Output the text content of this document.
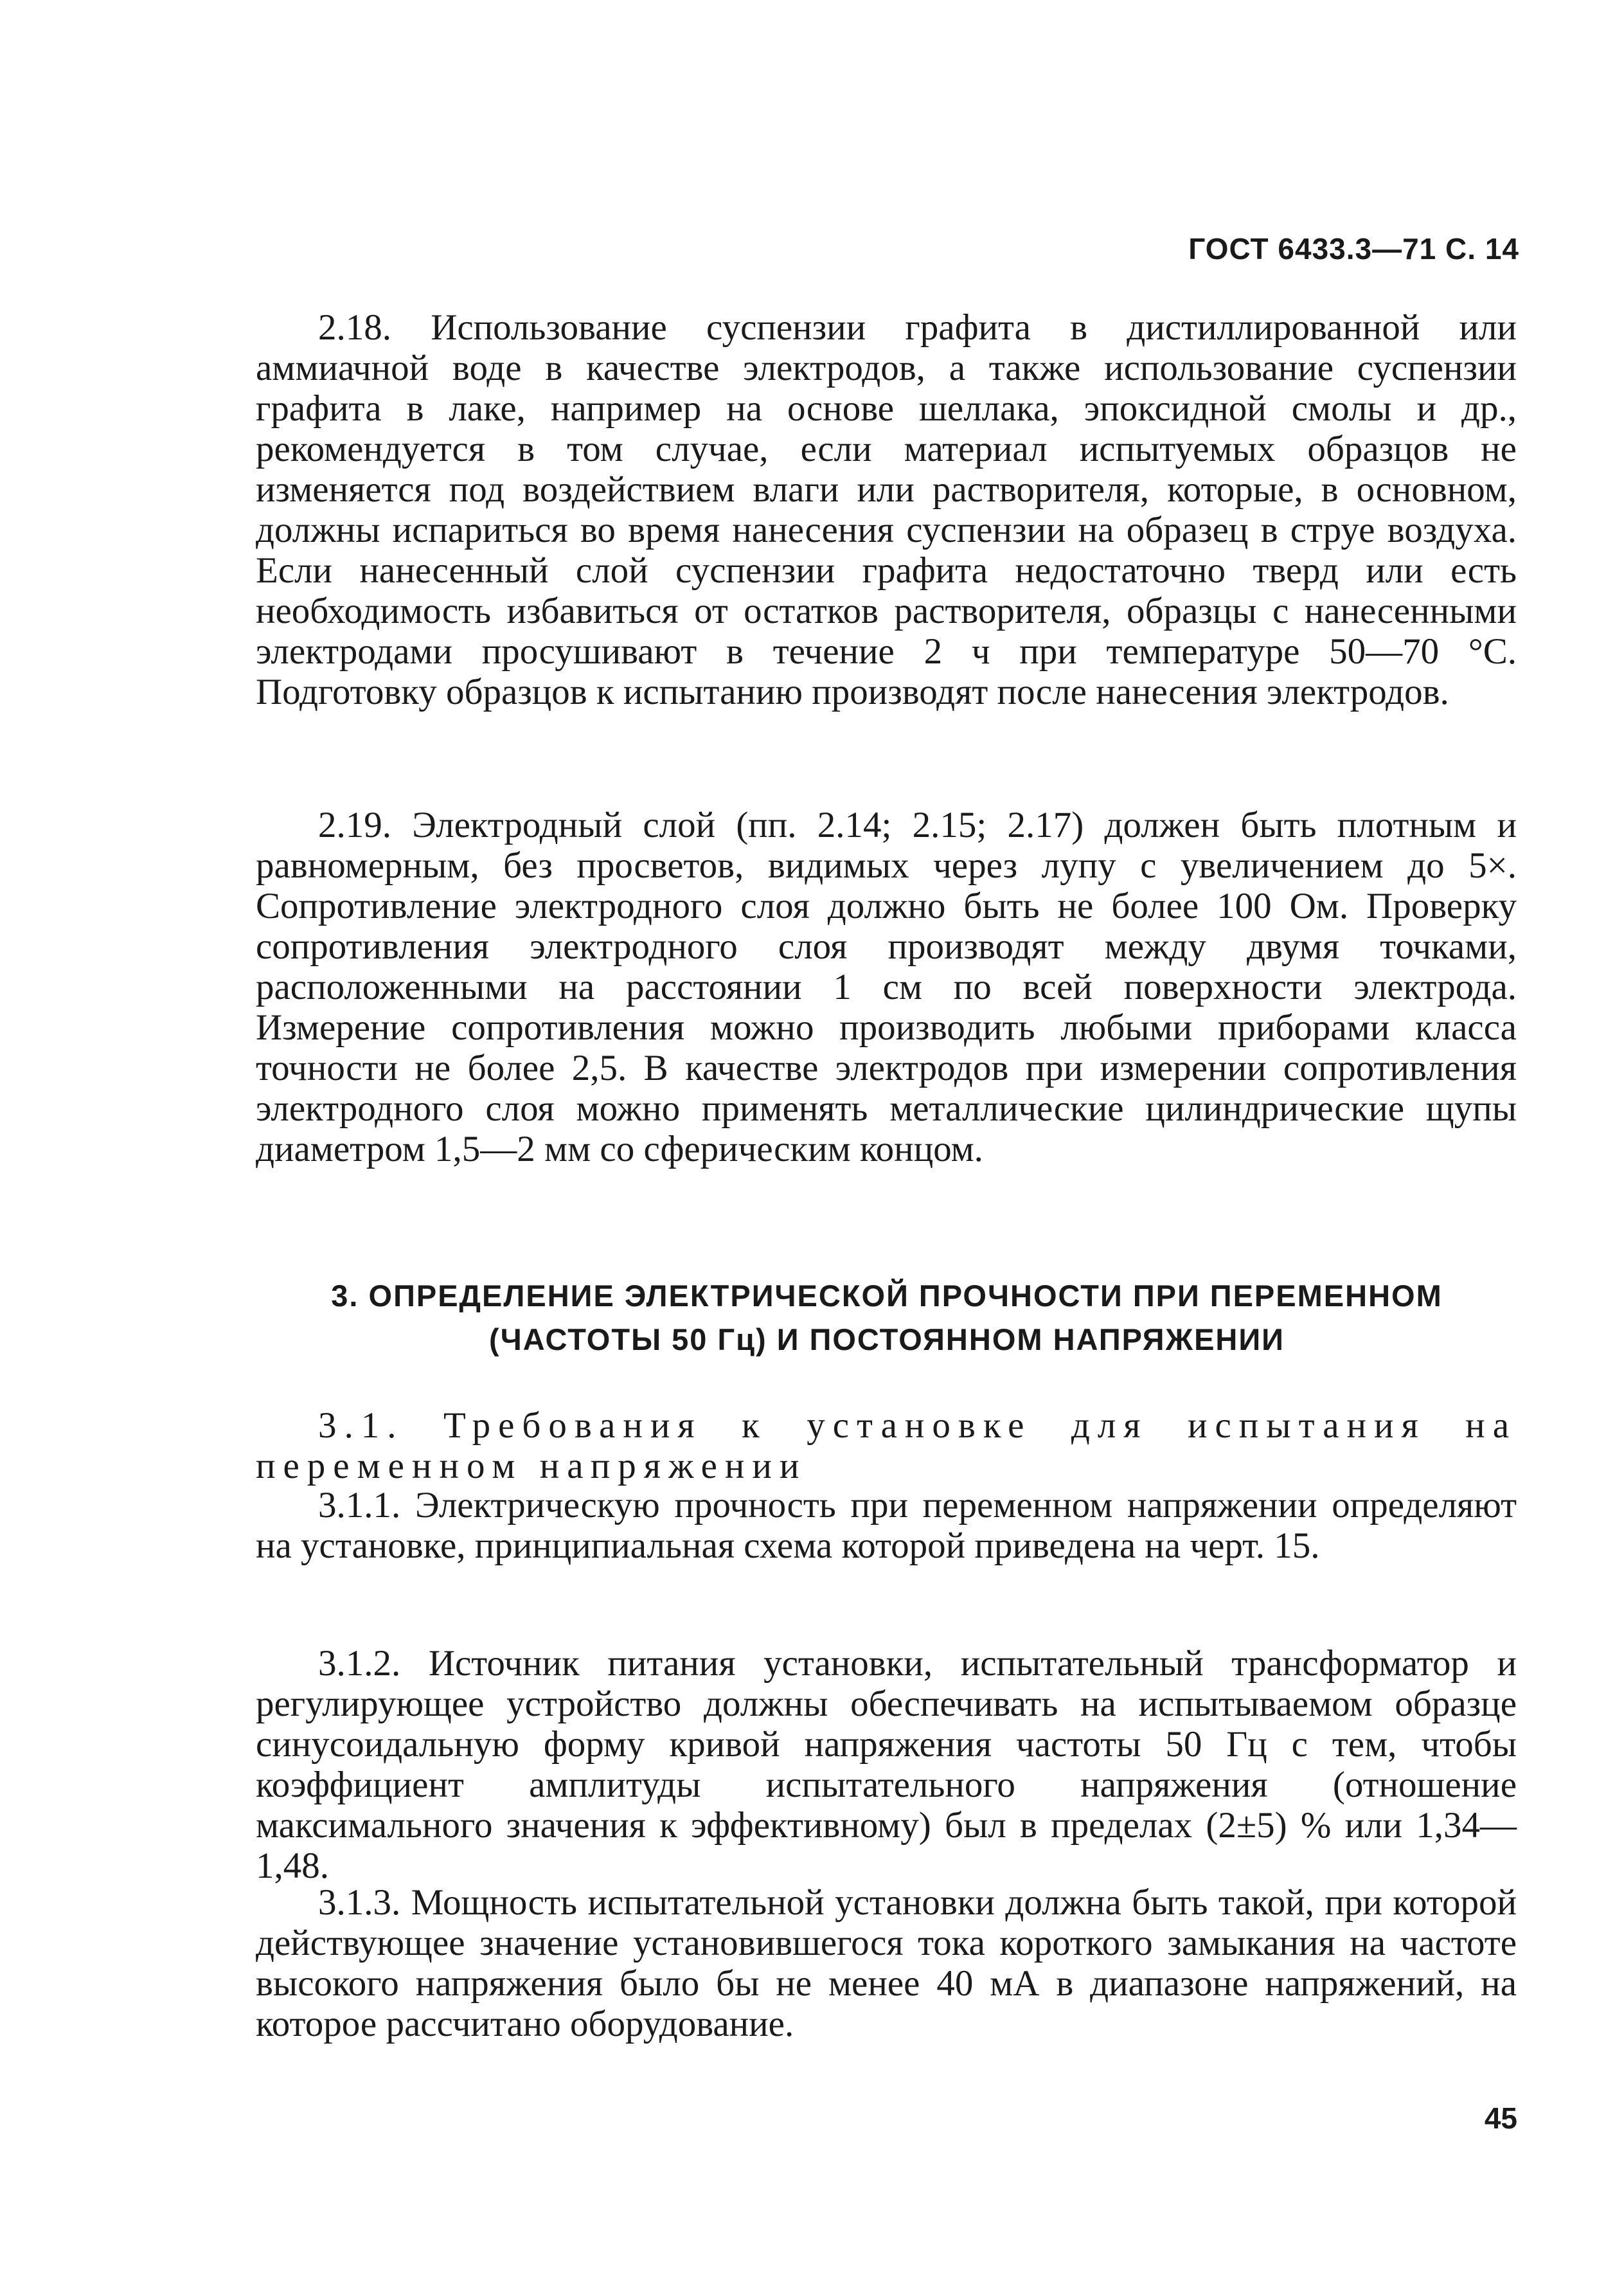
ГОСТ 6433.3—71 С. 14

2.18. Использование суспензии графита в дистиллированной или аммиачной воде в качестве электродов, а также использование суспензии графита в лаке, например на основе шеллака, эпоксидной смолы и др., рекомендуется в том случае, если материал испытуемых образцов не изменяется под воздействием влаги или растворителя, которые, в основном, должны испариться во время нанесения суспензии на образец в струе воздуха. Если нанесенный слой суспензии графита недостаточно тверд или есть необходимость избавиться от остатков растворителя, образцы с нанесенными электродами просушивают в течение 2 ч при температуре 50—70 °С. Подготовку образцов к испытанию производят после нанесения электродов.

2.19. Электродный слой (пп. 2.14; 2.15; 2.17) должен быть плотным и равномерным, без просветов, видимых через лупу с увеличением до 5×. Сопротивление электродного слоя должно быть не более 100 Ом. Проверку сопротивления электродного слоя производят между двумя точками, расположенными на расстоянии 1 см по всей поверхности электрода. Измерение сопротивления можно производить любыми приборами класса точности не более 2,5. В качестве электродов при измерении сопротивления электродного слоя можно применять металлические цилиндрические щупы диаметром 1,5—2 мм со сферическим концом.

3. ОПРЕДЕЛЕНИЕ ЭЛЕКТРИЧЕСКОЙ ПРОЧНОСТИ ПРИ ПЕРЕМЕННОМ
(ЧАСТОТЫ 50 Гц) И ПОСТОЯННОМ НАПРЯЖЕНИИ
3.1. Требования к установке для испытания на переменном напряжении

3.1.1. Электрическую прочность при переменном напряжении определяют на установке, принципиальная схема которой приведена на черт. 15.

3.1.2. Источник питания установки, испытательный трансформатор и регулирующее устройство должны обеспечивать на испытываемом образце синусоидальную форму кривой напряжения частоты 50 Гц с тем, чтобы коэффициент амплитуды испытательного напряжения (отношение максимального значения к эффективному) был в пределах (2±5) % или 1,34—1,48.

3.1.3. Мощность испытательной установки должна быть такой, при которой действующее значение установившегося тока короткого замыкания на частоте высокого напряжения было бы не менее 40 мА в диапазоне напряжений, на которое рассчитано оборудование.

45
